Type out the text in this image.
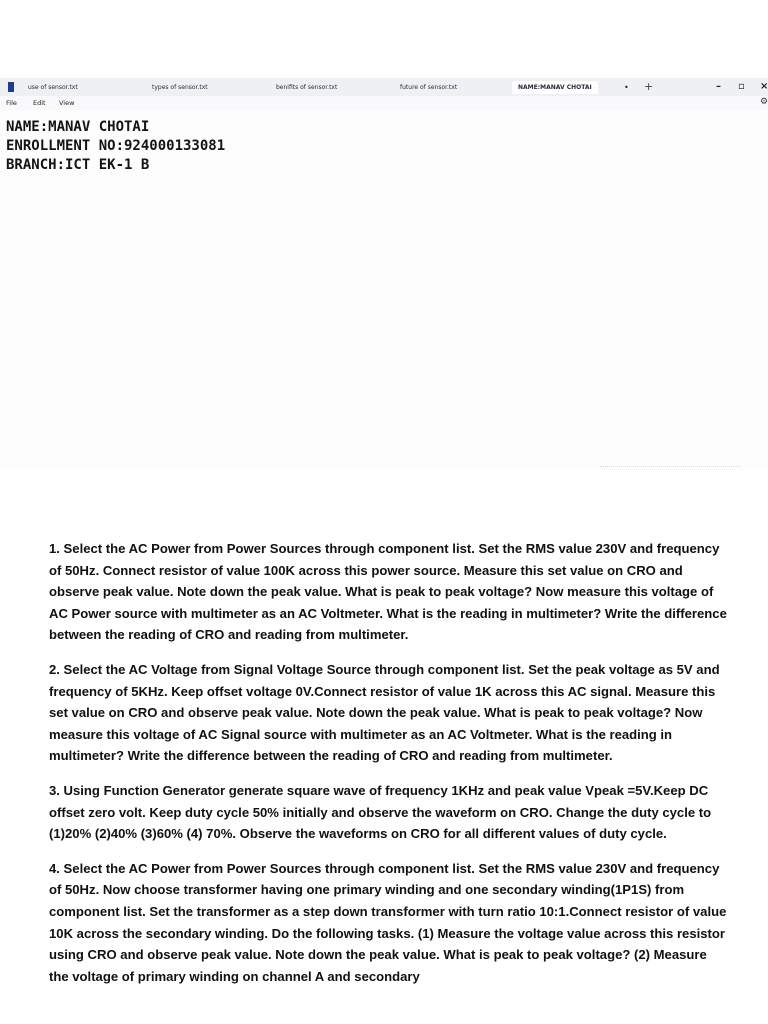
use of sensor.txt	types of sensor.txt	benifits of sensor.txt	future of sensor.txt	NAME:MANAV CHOTAI	• +	– ▫ ×
File Edit View	⚙
NAME:MANAV CHOTAI
ENROLLMENT NO:924000133081
BRANCH:ICT EK-1 B

1. Select the AC Power from Power Sources through component list. Set the RMS value 230V and frequency of 50Hz. Connect resistor of value 100K across this power source. Measure this set value on CRO and observe peak value. Note down the peak value. What is peak to peak voltage? Now measure this voltage of AC Power source with multimeter as an AC Voltmeter. What is the reading in multimeter? Write the difference between the reading of CRO and reading from multimeter.

2. Select the AC Voltage from Signal Voltage Source through component list. Set the peak voltage as 5V and frequency of 5KHz. Keep offset voltage 0V.Connect resistor of value 1K across this AC signal. Measure this set value on CRO and observe peak value. Note down the peak value. What is peak to peak voltage? Now measure this voltage of AC Signal source with multimeter as an AC Voltmeter. What is the reading in multimeter? Write the difference between the reading of CRO and reading from multimeter.

3. Using Function Generator generate square wave of frequency 1KHz and peak value Vpeak =5V.Keep DC offset zero volt. Keep duty cycle 50% initially and observe the waveform on CRO. Change the duty cycle to (1)20% (2)40% (3)60% (4) 70%. Observe the waveforms on CRO for all different values of duty cycle.

4. Select the AC Power from Power Sources through component list. Set the RMS value 230V and frequency of 50Hz. Now choose transformer having one primary winding and one secondary winding(1P1S) from component list. Set the transformer as a step down transformer with turn ratio 10:1.Connect resistor of value 10K across the secondary winding. Do the following tasks. (1) Measure the voltage value across this resistor using CRO and observe peak value. Note down the peak value. What is peak to peak voltage? (2) Measure the voltage of primary winding on channel A and secondary
